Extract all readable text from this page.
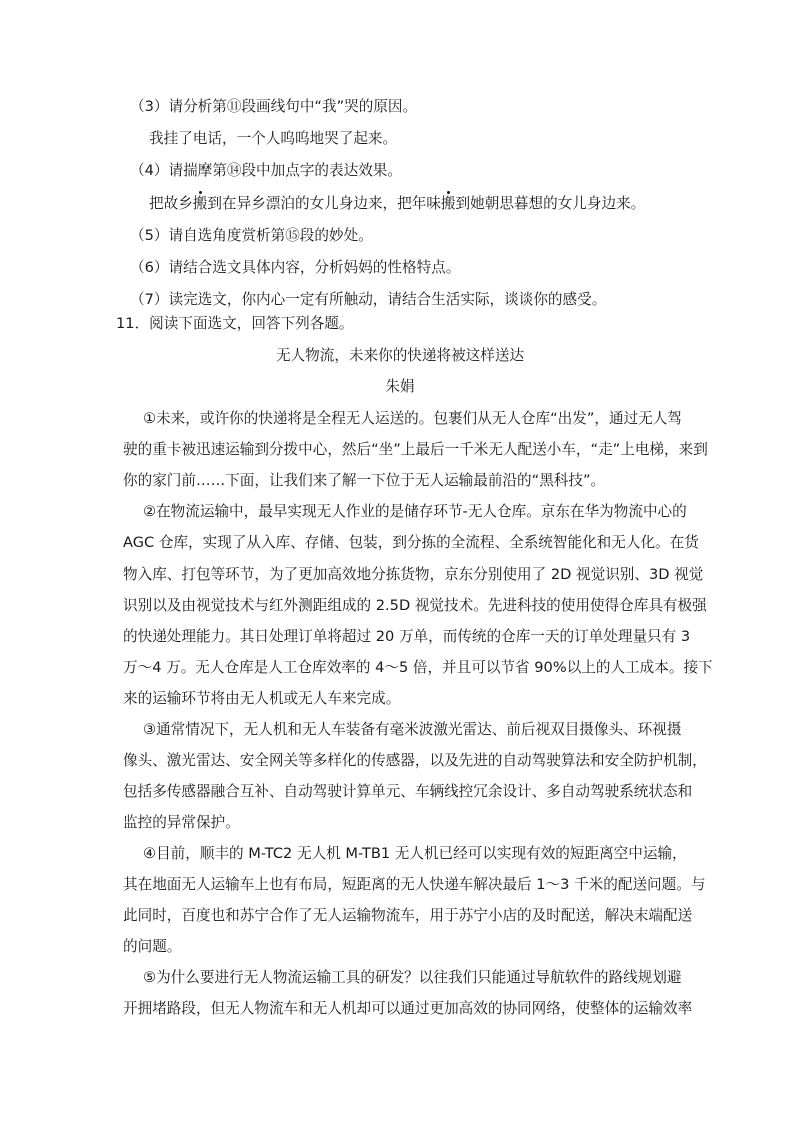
（3）请分析第⑪段画线句中“我”哭的原因。
我挂了电话，一个人呜呜地哭了起来。
（4）请揣摩第⑭段中加点字的表达效果。
把故乡搬到在异乡漂泊的女儿身边来，把年味搬到她朝思暮想的女儿身边来。
（5）请自选角度赏析第⑮段的妙处。
（6）请结合选文具体内容，分析妈妈的性格特点。
（7）读完选文，你内心一定有所触动，请结合生活实际，谈谈你的感受。
11．阅读下面选文，回答下列各题。
无人物流，未来你的快递将被这样送达
朱娟
①未来，或许你的快递将是全程无人运送的。包裹们从无人仓库“出发”，通过无人驾
驶的重卡被迅速运输到分拨中心，然后“坐”上最后一千米无人配送小车，“走”上电梯，来到
你的家门前……下面，让我们来了解一下位于无人运输最前沿的“黑科技”。
②在物流运输中，最早实现无人作业的是储存环节-无人仓库。京东在华为物流中心的
AGC 仓库，实现了从入库、存储、包装，到分拣的全流程、全系统智能化和无人化。在货
物入库、打包等环节，为了更加高效地分拣货物，京东分别使用了 2D 视觉识别、3D 视觉
识别以及由视觉技术与红外测距组成的 2.5D 视觉技术。先进科技的使用使得仓库具有极强
的快递处理能力。其日处理订单将超过 20 万单，而传统的仓库一天的订单处理量只有 3
万～4 万。无人仓库是人工仓库效率的 4～5 倍，并且可以节省 90%以上的人工成本。接下
来的运输环节将由无人机或无人车来完成。
③通常情况下，无人机和无人车装备有毫米波激光雷达、前后视双目摄像头、环视摄
像头、激光雷达、安全网关等多样化的传感器，以及先进的自动驾驶算法和安全防护机制，
包括多传感器融合互补、自动驾驶计算单元、车辆线控冗余设计、多自动驾驶系统状态和
监控的异常保护。
④目前，顺丰的 M-TC2 无人机 M-TB1 无人机已经可以实现有效的短距离空中运输，
其在地面无人运输车上也有布局，短距离的无人快递车解决最后 1～3 千米的配送问题。与
此同时，百度也和苏宁合作了无人运输物流车，用于苏宁小店的及时配送，解决末端配送
的问题。
⑤为什么要进行无人物流运输工具的研发？以往我们只能通过导航软件的路线规划避
开拥堵路段，但无人物流车和无人机却可以通过更加高效的协同网络，使整体的运输效率
